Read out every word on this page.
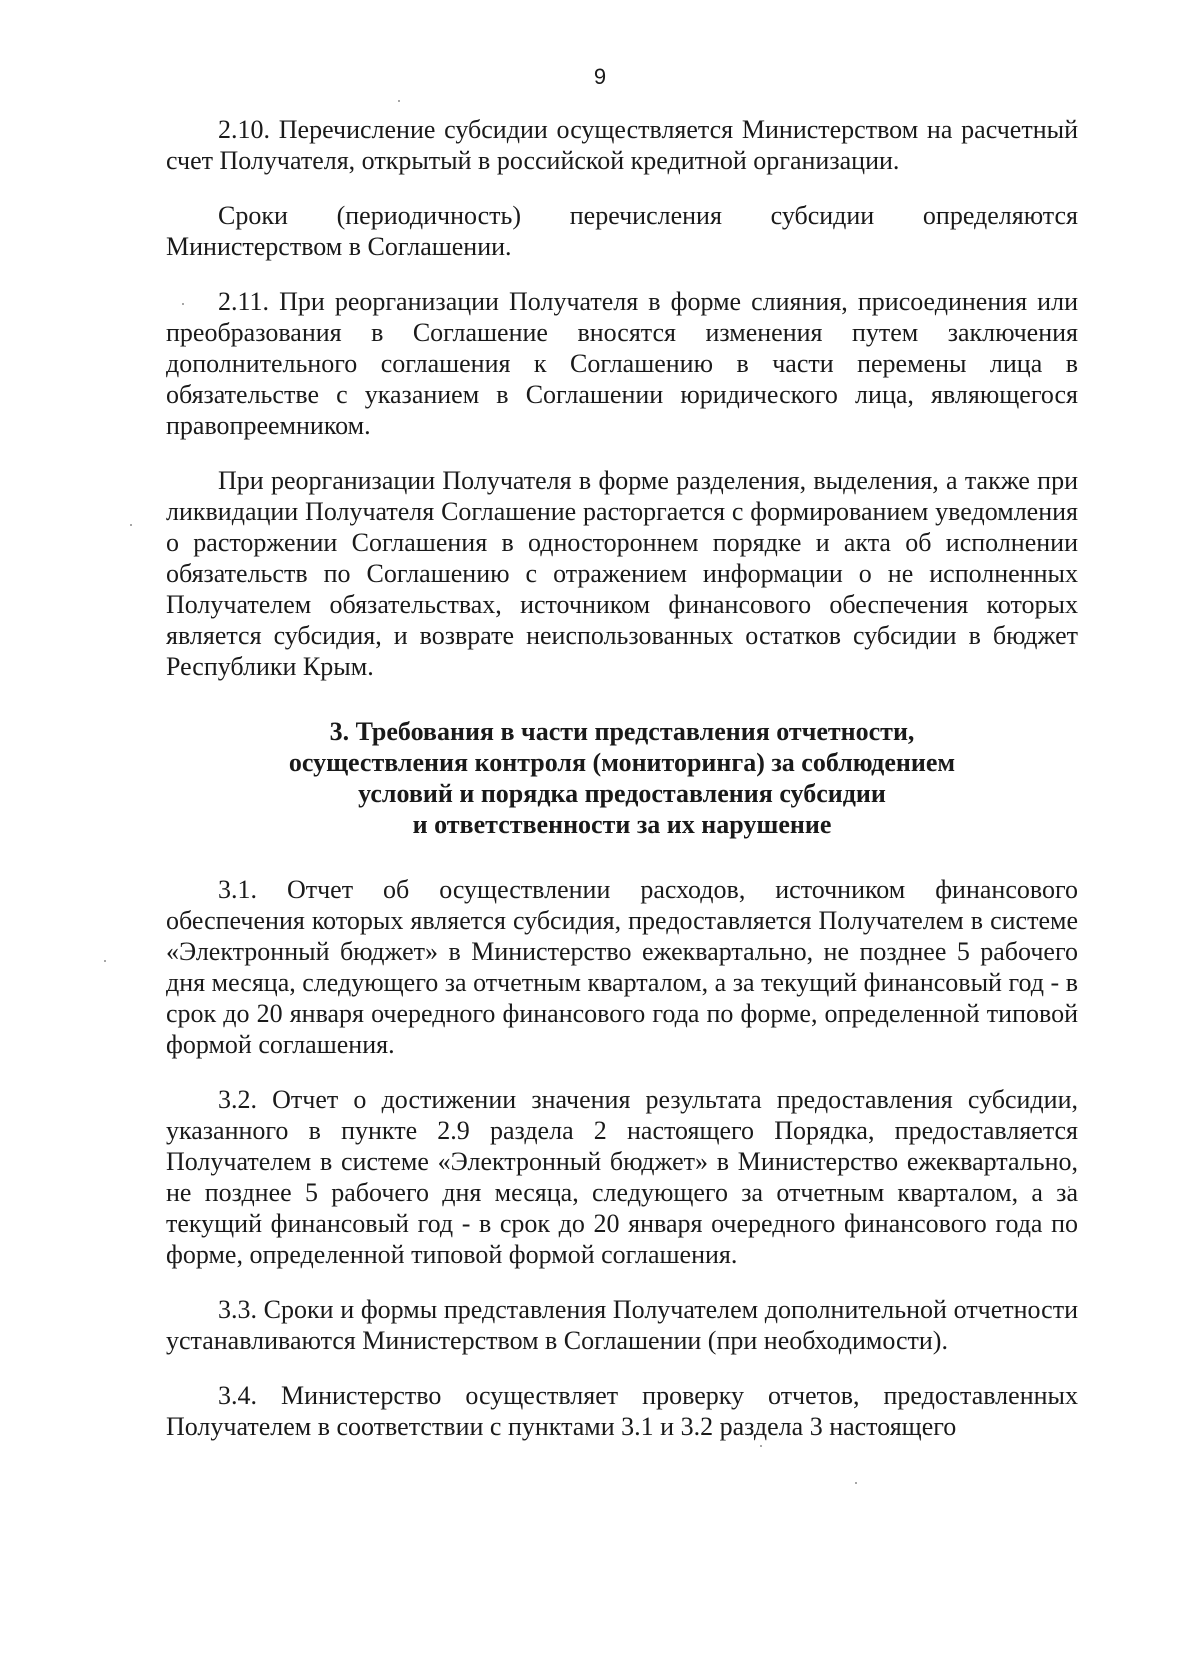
9

2.10. Перечисление субсидии осуществляется Министерством на расчетный счет Получателя, открытый в российской кредитной организации.

Сроки (периодичность) перечисления субсидии определяются Министерством в Соглашении.

2.11. При реорганизации Получателя в форме слияния, присоединения или преобразования в Соглашение вносятся изменения путем заключения дополнительного соглашения к Соглашению в части перемены лица в обязательстве с указанием в Соглашении юридического лица, являющегося правопреемником.

При реорганизации Получателя в форме разделения, выделения, а также при ликвидации Получателя Соглашение расторгается с формированием уведомления о расторжении Соглашения в одностороннем порядке и акта об исполнении обязательств по Соглашению с отражением информации о не исполненных Получателем обязательствах, источником финансового обеспечения которых является субсидия, и возврате неиспользованных остатков субсидии в бюджет Республики Крым.

3. Требования в части представления отчетности,
осуществления контроля (мониторинга) за соблюдением
условий и порядка предоставления субсидии
и ответственности за их нарушение

3.1. Отчет об осуществлении расходов, источником финансового обеспечения которых является субсидия, предоставляется Получателем в системе «Электронный бюджет» в Министерство ежеквартально, не позднее 5 рабочего дня месяца, следующего за отчетным кварталом, а за текущий финансовый год - в срок до 20 января очередного финансового года по форме, определенной типовой формой соглашения.

3.2. Отчет о достижении значения результата предоставления субсидии, указанного в пункте 2.9 раздела 2 настоящего Порядка, предоставляется Получателем в системе «Электронный бюджет» в Министерство ежеквартально, не позднее 5 рабочего дня месяца, следующего за отчетным кварталом, а за текущий финансовый год - в срок до 20 января очередного финансового года по форме, определенной типовой формой соглашения.

3.3. Сроки и формы представления Получателем дополнительной отчетности устанавливаются Министерством в Соглашении (при необходимости).

3.4. Министерство осуществляет проверку отчетов, предоставленных Получателем в соответствии с пунктами 3.1 и 3.2 раздела 3 настоящего
